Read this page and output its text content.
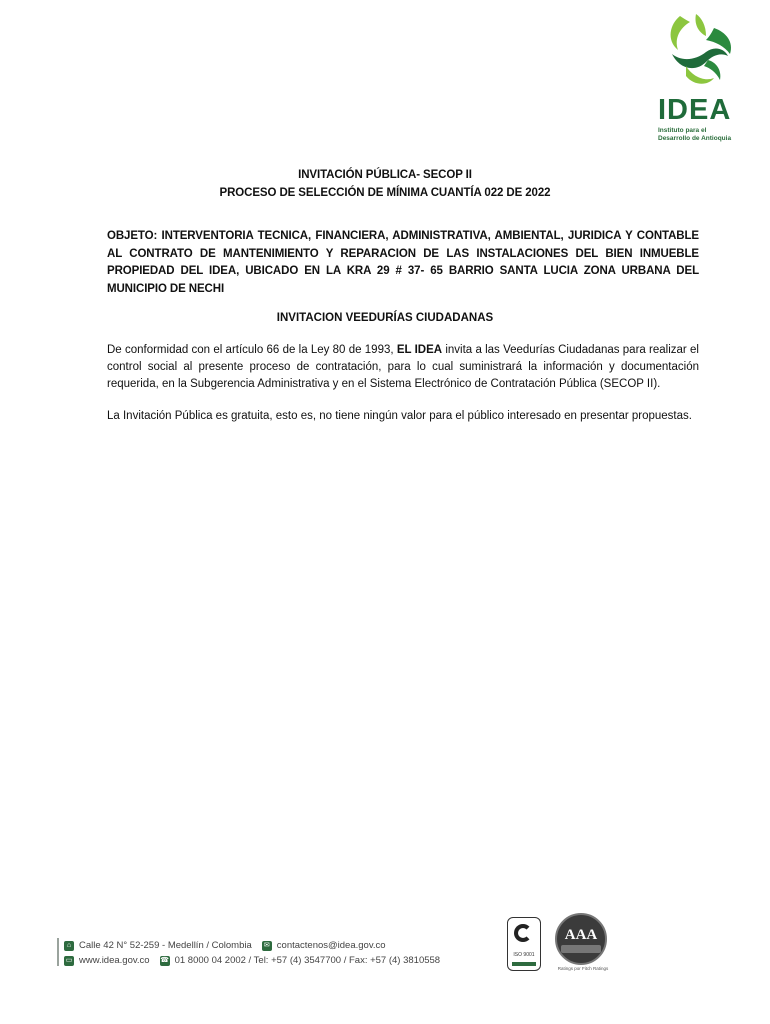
IDEA
Instituto para el
Desarrollo de Antioquia
INVITACIÓN PÚBLICA- SECOP II
PROCESO DE SELECCIÓN DE MÍNIMA CUANTÍA 022 DE 2022
OBJETO: INTERVENTORIA TECNICA, FINANCIERA, ADMINISTRATIVA, AMBIENTAL, JURIDICA Y CONTABLE AL CONTRATO DE MANTENIMIENTO Y REPARACION DE LAS INSTALACIONES DEL BIEN INMUEBLE PROPIEDAD DEL IDEA, UBICADO EN LA KRA 29 # 37- 65 BARRIO SANTA LUCIA ZONA URBANA DEL MUNICIPIO DE NECHI
INVITACION VEEDURÍAS CIUDADANAS
De conformidad con el artículo 66 de la Ley 80 de 1993, EL IDEA invita a las Veedurías Ciudadanas para realizar el control social al presente proceso de contratación, para lo cual suministrará la información y documentación requerida, en la Subgerencia Administrativa y en el Sistema Electrónico de Contratación Pública (SECOP II).
La Invitación Pública es gratuita, esto es, no tiene ningún valor para el público interesado en presentar propuestas.
⌂ Calle 42 N° 52-259 - Medellín / Colombia ✉ contactenos@idea.gov.co
▭ www.idea.gov.co ☎ 01 8000 04 2002 / Tel: +57 (4) 3547700 / Fax: +57 (4) 3810558	ISO 9001
AAA
Ratings por Fitch Ratings
